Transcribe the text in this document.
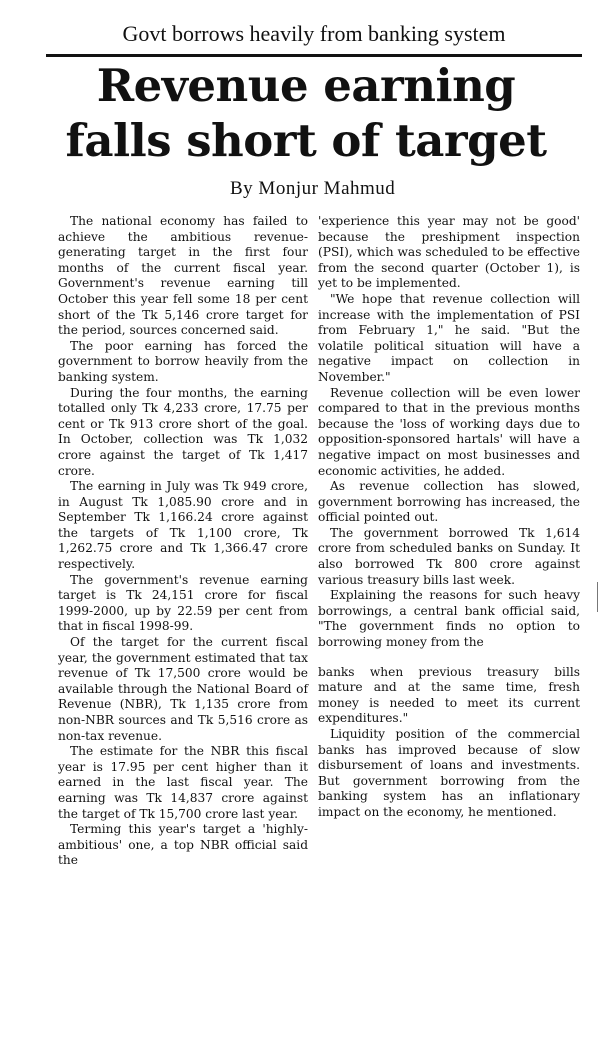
Govt borrows heavily from banking system
Revenue earning
falls short of target
By Monjur Mahmud

The national economy has failed to achieve the ambitious revenue-generating target in the first four months of the current fiscal year. Government's revenue earning till October this year fell some 18 per cent short of the Tk 5,146 crore target for the period, sources concerned said.

The poor earning has forced the government to borrow heavily from the banking system.

During the four months, the earning totalled only Tk 4,233 crore, 17.75 per cent or Tk 913 crore short of the goal. In October, collection was Tk 1,032 crore against the target of Tk 1,417 crore.

The earning in July was Tk 949 crore, in August Tk 1,085.90 crore and in September Tk 1,166.24 crore against the targets of Tk 1,100 crore, Tk 1,262.75 crore and Tk 1,366.47 crore respectively.

The government's revenue earning target is Tk 24,151 crore for fiscal 1999-2000, up by 22.59 per cent from that in fiscal 1998-99.

Of the target for the current fiscal year, the government estimated that tax revenue of Tk 17,500 crore would be available through the National Board of Revenue (NBR), Tk 1,135 crore from non-NBR sources and Tk 5,516 crore as non-tax revenue.

The estimate for the NBR this fiscal year is 17.95 per cent higher than it earned in the last fiscal year. The earning was Tk 14,837 crore against the target of Tk 15,700 crore last year.

Terming this year's target a 'highly-ambitious' one, a top NBR official said the

'experience this year may not be good' because the preshipment inspection (PSI), which was scheduled to be effective from the second quarter (October 1), is yet to be implemented.

"We hope that revenue collection will increase with the implementation of PSI from February 1," he said. "But the volatile political situation will have a negative impact on collection in November."

Revenue collection will be even lower compared to that in the previous months because the 'loss of working days due to opposition-sponsored hartals' will have a negative impact on most businesses and economic activities, he added.

As revenue collection has slowed, government borrowing has increased, the official pointed out.

The government borrowed Tk 1,614 crore from scheduled banks on Sunday. It also borrowed Tk 800 crore against various treasury bills last week.

Explaining the reasons for such heavy borrowings, a central bank official said, "The government finds no option to borrowing money from the

banks when previous treasury bills mature and at the same time, fresh money is needed to meet its current expenditures."

Liquidity position of the commercial banks has improved because of slow disbursement of loans and investments. But government borrowing from the banking system has an inflationary impact on the economy, he mentioned.
